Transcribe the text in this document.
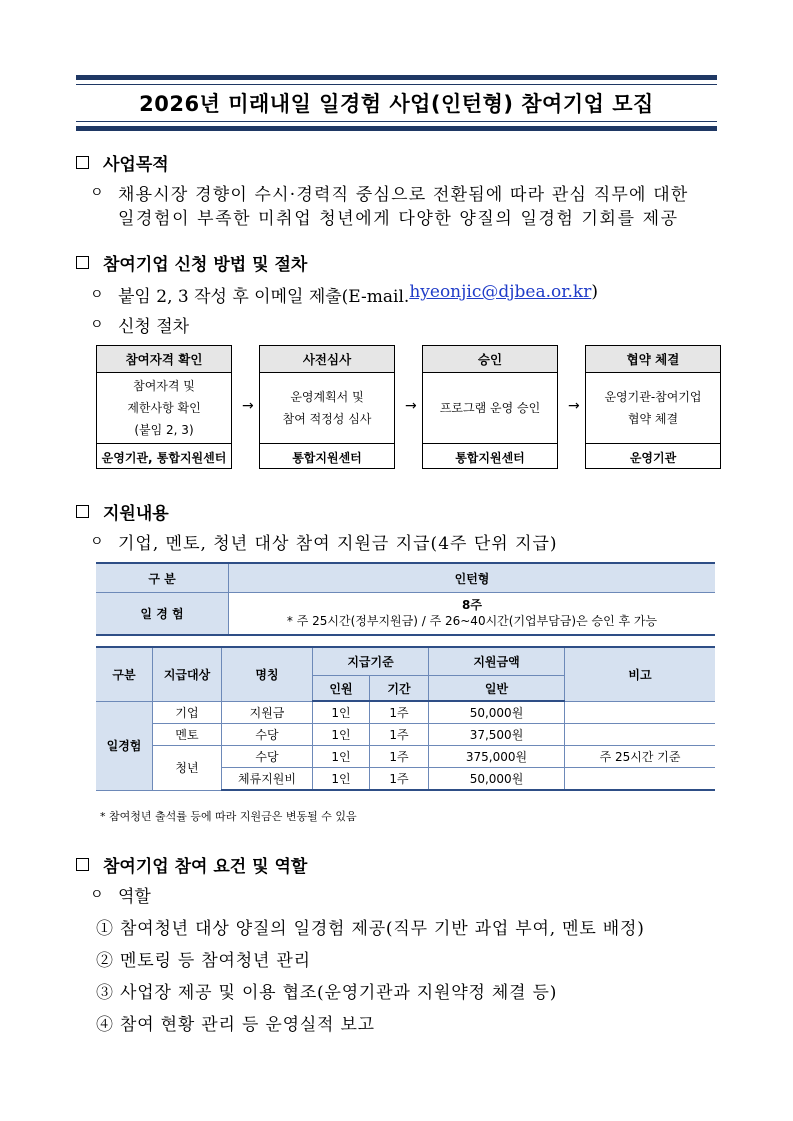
2026년 미래내일 일경험 사업(인턴형) 참여기업 모집
사업목적
ㅇ 채용시장 경향이 수시·경력직 중심으로 전환됨에 따라 관심 직무에 대한
일경험이 부족한 미취업 청년에게 다양한 양질의 일경험 기회를 제공
참여기업 신청 방법 및 절차
ㅇ 붙임 2, 3 작성 후 이메일 제출(E-mail. hyeonjic@djbea.or.kr )
ㅇ 신청 절차
참여자격 확인
참여자격 및
제한사항 확인
(붙임 2, 3)
운영기관, 통합지원센터
→
사전심사
운영계획서 및
참여 적정성 심사
통합지원센터
→
승인
프로그램 운영 승인
통합지원센터
→
협약 체결
운영기관-참여기업
협약 체결
운영기관
지원내용
ㅇ 기업, 멘토, 청년 대상 참여 지원금 지급(4주 단위 지급)
구 분	인턴형
일 경 험	8주
* 주 25시간(정부지원금) / 주 26~40시간(기업부담금)은 승인 후 가능
구분	지급대상	명칭	지급기준		지원금액	비고
			인원	기간	일반	
일경험	기업	지원금	1인	1주	50,000원	
	멘토	수당	1인	1주	37,500원	
	청년	수당	1인	1주	375,000원	주 25시간 기준
		체류지원비	1인	1주	50,000원	
* 참여청년 출석률 등에 따라 지원금은 변동될 수 있음
참여기업 참여 요건 및 역할
ㅇ 역할
① 참여청년 대상 양질의 일경험 제공(직무 기반 과업 부여, 멘토 배정)
② 멘토링 등 참여청년 관리
③ 사업장 제공 및 이용 협조(운영기관과 지원약정 체결 등)
④ 참여 현황 관리 등 운영실적 보고
